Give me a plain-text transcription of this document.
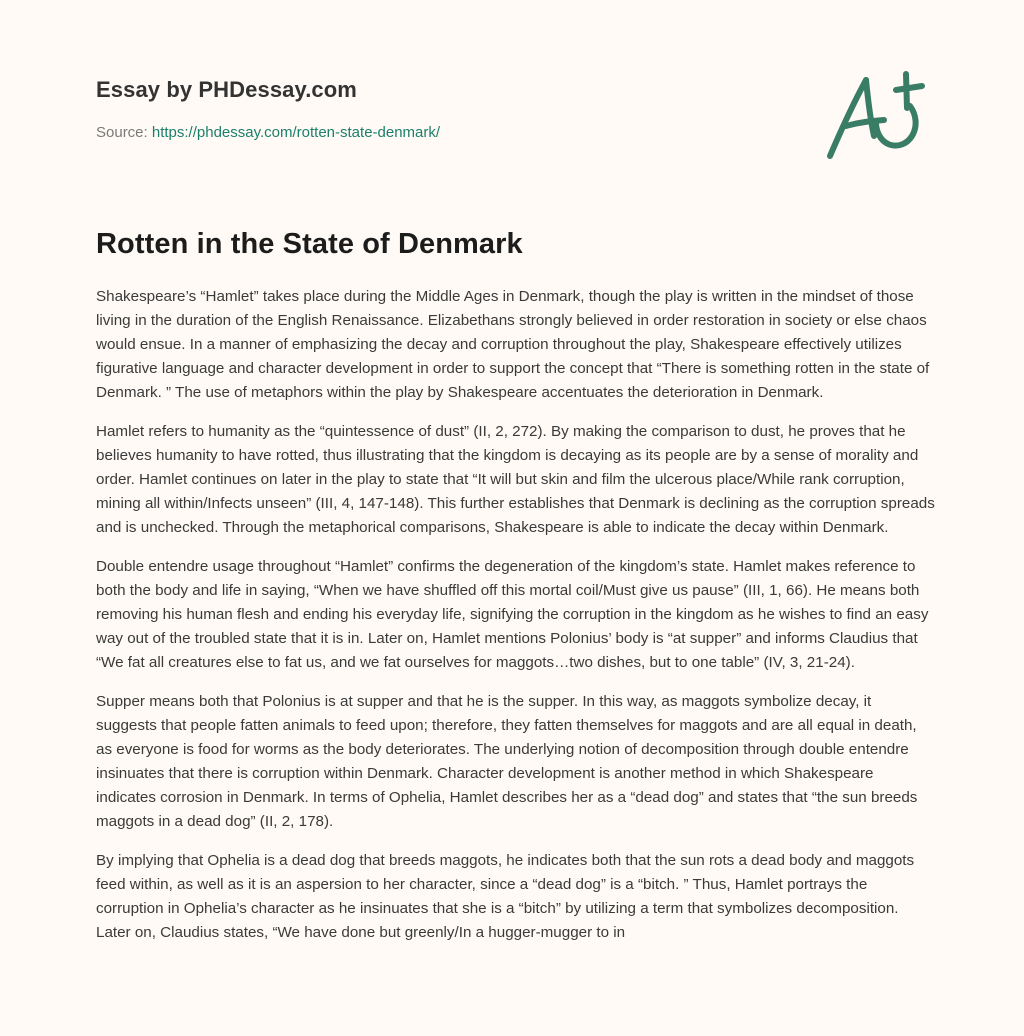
Essay by PHDessay.com
Source: https://phdessay.com/rotten-state-denmark/
Rotten in the State of Denmark

Shakespeare’s “Hamlet” takes place during the Middle Ages in Denmark, though the play is written in the mindset of those living in the duration of the English Renaissance. Elizabethans strongly believed in order restoration in society or else chaos would ensue. In a manner of emphasizing the decay and corruption throughout the play, Shakespeare effectively utilizes figurative language and character development in order to support the concept that “There is something rotten in the state of Denmark. ” The use of metaphors within the play by Shakespeare accentuates the deterioration in Denmark.

Hamlet refers to humanity as the “quintessence of dust” (II, 2, 272). By making the comparison to dust, he proves that he believes humanity to have rotted, thus illustrating that the kingdom is decaying as its people are by a sense of morality and order. Hamlet continues on later in the play to state that “It will but skin and film the ulcerous place/While rank corruption, mining all within/Infects unseen” (III, 4, 147-148). This further establishes that Denmark is declining as the corruption spreads and is unchecked. Through the metaphorical comparisons, Shakespeare is able to indicate the decay within Denmark.

Double entendre usage throughout “Hamlet” confirms the degeneration of the kingdom’s state. Hamlet makes reference to both the body and life in saying, “When we have shuffled off this mortal coil/Must give us pause” (III, 1, 66). He means both removing his human flesh and ending his everyday life, signifying the corruption in the kingdom as he wishes to find an easy way out of the troubled state that it is in. Later on, Hamlet mentions Polonius’ body is “at supper” and informs Claudius that “We fat all creatures else to fat us, and we fat ourselves for maggots…two dishes, but to one table” (IV, 3, 21-24).

Supper means both that Polonius is at supper and that he is the supper. In this way, as maggots symbolize decay, it suggests that people fatten animals to feed upon; therefore, they fatten themselves for maggots and are all equal in death, as everyone is food for worms as the body deteriorates. The underlying notion of decomposition through double entendre insinuates that there is corruption within Denmark. Character development is another method in which Shakespeare indicates corrosion in Denmark. In terms of Ophelia, Hamlet describes her as a “dead dog” and states that “the sun breeds maggots in a dead dog” (II, 2, 178).

By implying that Ophelia is a dead dog that breeds maggots, he indicates both that the sun rots a dead body and maggots feed within, as well as it is an aspersion to her character, since a “dead dog” is a “bitch. ” Thus, Hamlet portrays the corruption in Ophelia’s character as he insinuates that she is a “bitch” by utilizing a term that symbolizes decomposition. Later on, Claudius states, “We have done but greenly/In a hugger-mugger to in
